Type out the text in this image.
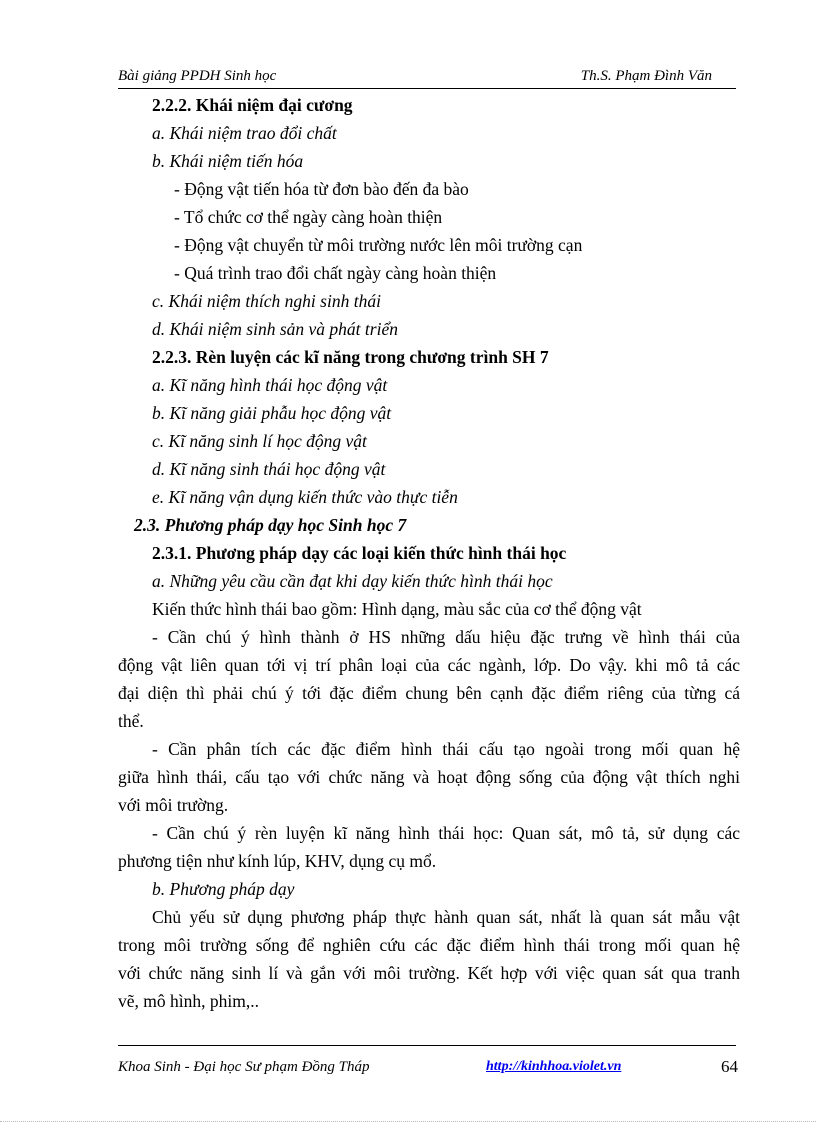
Bài giảng PPDH Sinh học	Th.S. Phạm Đình Văn
2.2.2. Khái niệm đại cương
a. Khái niệm trao đổi chất
b. Khái niệm tiến hóa
- Động vật tiến hóa từ đơn bào đến đa bào
- Tổ chức cơ thể ngày càng hoàn thiện
- Động vật chuyển từ môi trường nước lên môi trường cạn
- Quá trình trao đổi chất ngày càng hoàn thiện
c. Khái niệm thích nghi sinh thái
d. Khái niệm sinh sản và phát triển
2.2.3. Rèn luyện các kĩ năng trong chương trình SH 7
a. Kĩ năng hình thái học động vật
b. Kĩ năng giải phẫu học động vật
c. Kĩ năng sinh lí học động vật
d. Kĩ năng sinh thái học động vật
e. Kĩ năng vận dụng kiến thức vào thực tiễn
2.3. Phương pháp dạy học Sinh học 7
2.3.1. Phương pháp dạy các loại kiến thức hình thái học
a. Những yêu cầu cần đạt khi dạy kiến thức hình thái học
Kiến thức hình thái bao gồm: Hình dạng, màu sắc của cơ thể động vật
- Cần chú ý hình thành ở HS những dấu hiệu đặc trưng về hình thái của
động vật liên quan tới vị trí phân loại của các ngành, lớp. Do vậy. khi mô tả các
đại diện thì phải chú ý tới đặc điểm chung bên cạnh đặc điểm riêng của từng cá
thể.
- Cần phân tích các đặc điểm hình thái cấu tạo ngoài trong mối quan hệ
giữa hình thái, cấu tạo với chức năng và hoạt động sống của động vật thích nghi
với môi trường.
- Cần chú ý rèn luyện kĩ năng hình thái học: Quan sát, mô tả, sử dụng các
phương tiện như kính lúp, KHV, dụng cụ mổ.
b. Phương pháp dạy
Chủ yếu sử dụng phương pháp thực hành quan sát, nhất là quan sát mẫu vật
trong môi trường sống để nghiên cứu các đặc điểm hình thái trong mối quan hệ
với chức năng sinh lí và gắn với môi trường. Kết hợp với việc quan sát qua tranh
vẽ, mô hình, phim,..
Khoa Sinh - Đại học Sư phạm Đồng Tháp	http://kinhhoa.violet.vn	64
